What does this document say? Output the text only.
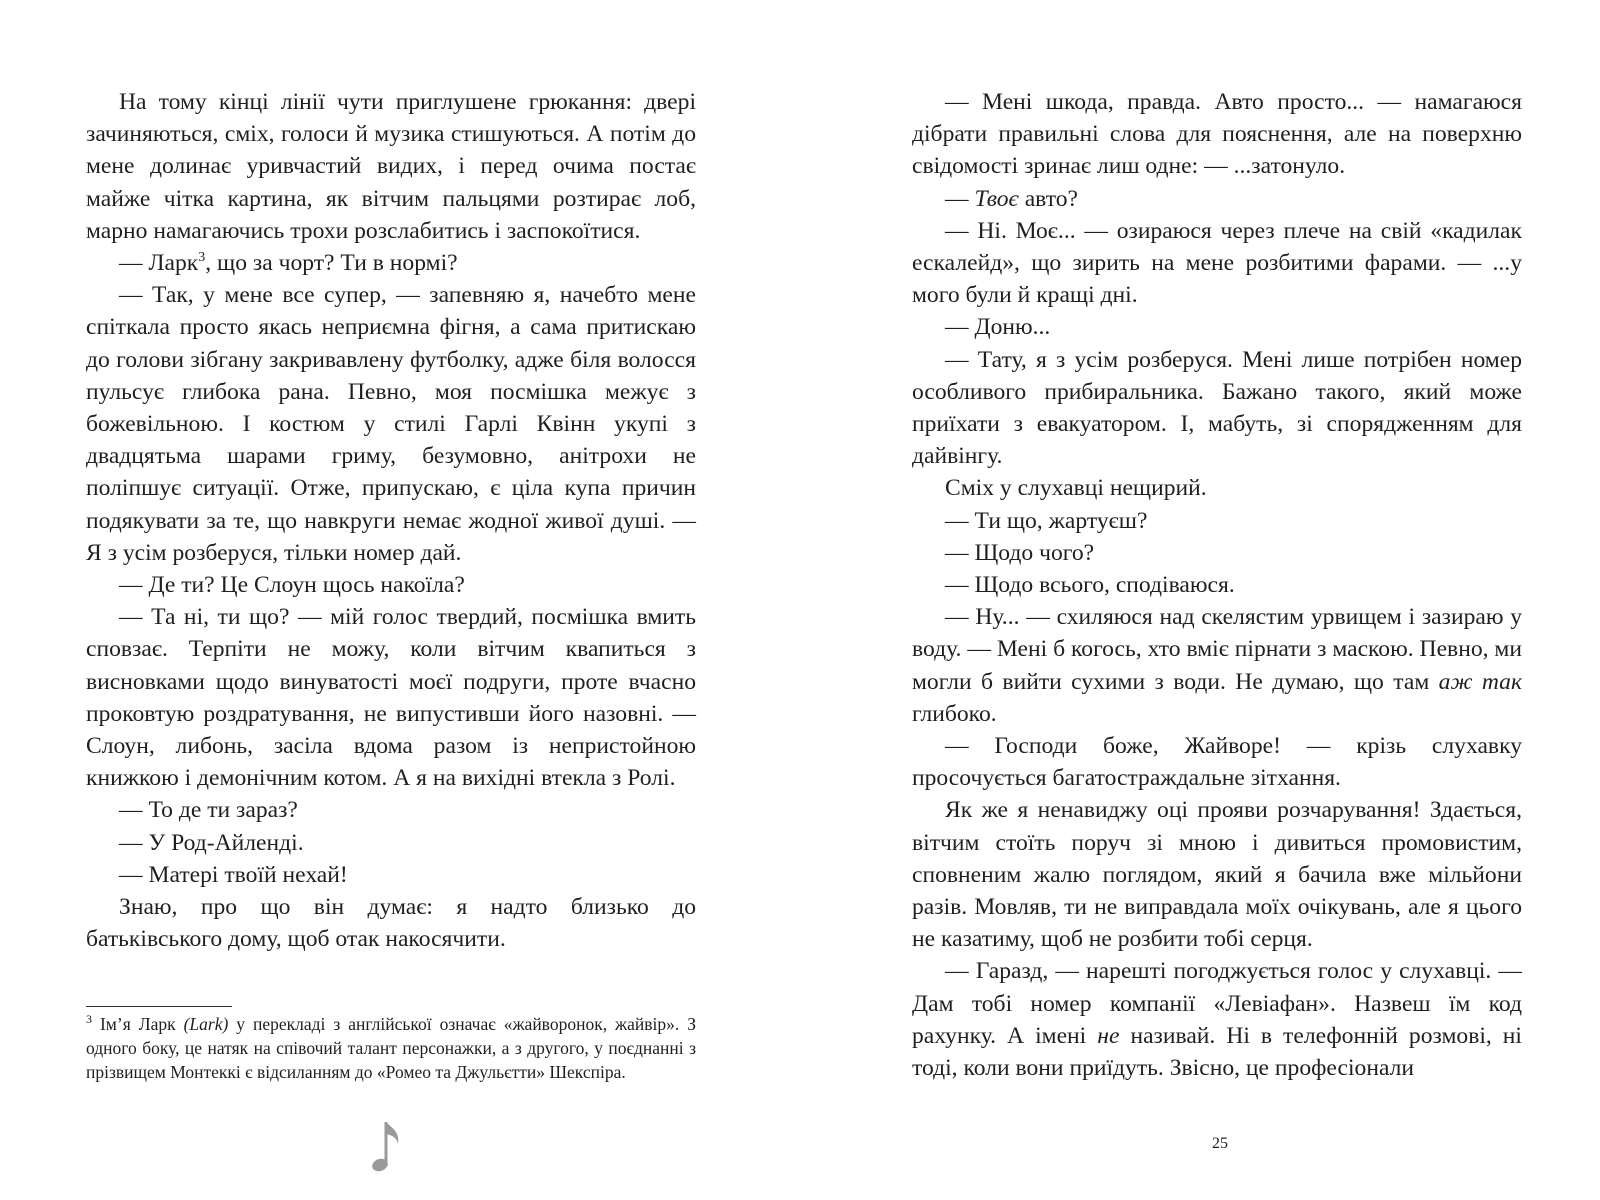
На тому кінці лінії чути приглушене грюкання: двері зачиняються, сміх, голоси й музика стишуються. А потім до мене долинає уривчастий видих, і перед очима постає майже чітка картина, як вітчим пальцями розтирає лоб, марно намагаючись трохи розслабитись і заспокоїтися.

— Ларк$^3$, що за чорт? Ти в нормі?

— Так, у мене все супер, — запевняю я, начебто мене спіткала просто якась неприємна фігня, а сама притискаю до голови зібгану закривавлену футболку, адже біля волосся пульсує глибока рана. Певно, моя посмішка межує з божевільною. І костюм у стилі Гарлі Квінн укупі з двадцятьма шарами гриму, безумовно, анітрохи не поліпшує ситуації. Отже, припускаю, є ціла купа причин подякувати за те, що навкруги немає жодної живої душі. — Я з усім розберуся, тільки номер дай.

— Де ти? Це Слоун щось накоїла?

— Та ні, ти що? — мій голос твердий, посмішка вмить сповзає. Терпіти не можу, коли вітчим квапиться з висновками щодо винуватості моєї подруги, проте вчасно проковтую роздратування, не випустивши його назовні. — Слоун, либонь, засіла вдома разом із непристойною книжкою і демонічним котом. А я на вихідні втекла з Ролі.

— То де ти зараз?

— У Род-Айленді.

— Матері твоїй нехай!

Знаю, про що він думає: я надто близько до батьківського дому, щоб отак накосячити.

$^3$ Ім’я Ларк (Lark) у перекладі з англійської означає «жайворонок, жайвір». З одного боку, це натяк на співочий талант персонажки, а з другого, у поєднанні з прізвищем Монтеккі є відсиланням до «Ромео та Джульєтти» Шекспіра.

— Мені шкода, правда. Авто просто... — намагаюся дібрати правильні слова для пояснення, але на поверхню свідомості зринає лиш одне: — ...затонуло.

— Твоє авто?

— Ні. Моє... — озираюся через плече на свій «кадилак ескалейд», що зирить на мене розбитими фарами. — ...у мого були й кращі дні.

— Доню...

— Тату, я з усім розберуся. Мені лише потрібен номер особливого прибиральника. Бажано такого, який може приїхати з евакуатором. І, мабуть, зі спорядженням для дайвінгу.

Сміх у слухавці нещирий.

— Ти що, жартуєш?

— Щодо чого?

— Щодо всього, сподіваюся.

— Ну... — схиляюся над скелястим урвищем і зазираю у воду. — Мені б когось, хто вміє пірнати з маскою. Певно, ми могли б вийти сухими з води. Не думаю, що там аж так глибоко.

— Господи боже, Жайворе! — крізь слухавку просочується багатостраждальне зітхання.

Як же я ненавиджу оці прояви розчарування! Здається, вітчим стоїть поруч зі мною і дивиться промовистим, сповненим жалю поглядом, який я бачила вже мільйони разів. Мовляв, ти не виправдала моїх очікувань, але я цього не казатиму, щоб не розбити тобі серця.

— Гаразд, — нарешті погоджується голос у слухавці. — Дам тобі номер компанії «Левіафан». Назвеш їм код рахунку. А імені не називай. Ні в телефонній розмові, ні тоді, коли вони приїдуть. Звісно, це професіонали

25
